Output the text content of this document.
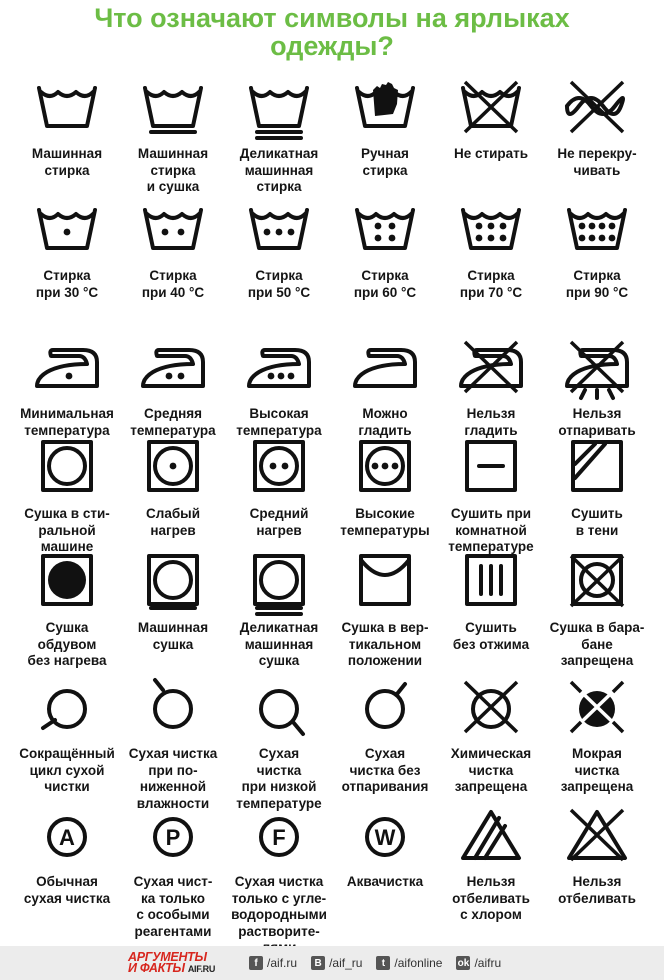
Что означают символы на ярлыках
одежды?
Машинная
стирка
Машинная
стирка
и сушка
Деликатная
машинная
стирка
Ручная
стирка
Не стирать	Не перекру-
чивать
Стирка
при 30 °С
Стирка
при 40 °С
Стирка
при 50 °С
Стирка
при 60 °С
Стирка
при 70 °С
Стирка
при 90 °С
Минимальная
температура
Средняя
температура
Высокая
температура
Можно
гладить
Нельзя
гладить
Нельзя
отпаривать
Сушка в сти-
ральной машине
Слабый
нагрев
Средний
нагрев
Высокие
температуры
Сушить при
комнатной
температуре
Сушить
в тени
Сушка
обдувом
без нагрева
Машинная
сушка
Деликатная
машинная
сушка
Сушка в вер-
тикальном
положении
Сушить
без отжима
Сушка в бара-
бане запрещена
Сокращённый
цикл сухой
чистки
Сухая чистка
при по-
ниженной
влажности
Сухая
чистка
при низкой
температуре
Сухая
чистка без
отпаривания
Химическая
чистка
запрещена
Мокрая
чистка
запрещена
A
Обычная
сухая чистка
P
Сухая чист-
ка только
с особыми
реагентами
F
Сухая чистка
только с угле-
водородными
растворите-

W
Аквачистка	Нельзя
отбеливать
с хлором
Нельзя
отбеливать
АРГУМЕНТЫ
И ФАКТЫ AIF.RU	f /aif.ru	B /aif_ru	t /aifonline ok /aifru
